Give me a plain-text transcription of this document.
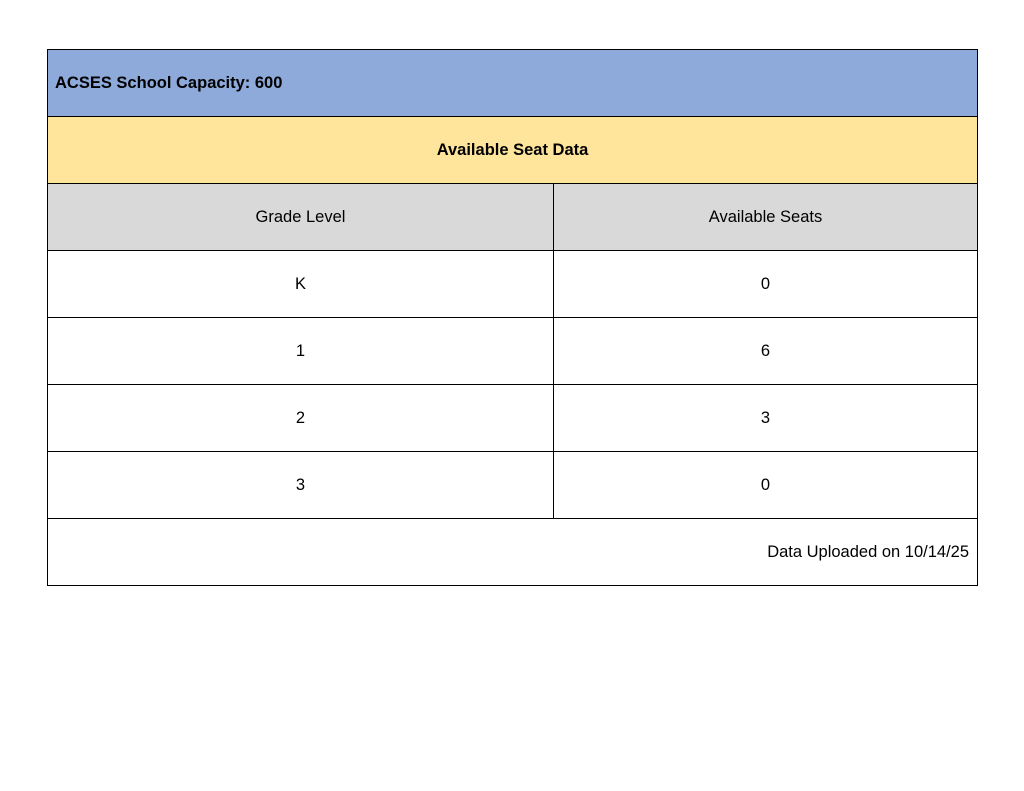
ACSES School Capacity: 600	
Available Seat Data	
Grade Level	Available Seats
K	0
1	6
2	3
3	0
Data Uploaded on 10/14/25	
